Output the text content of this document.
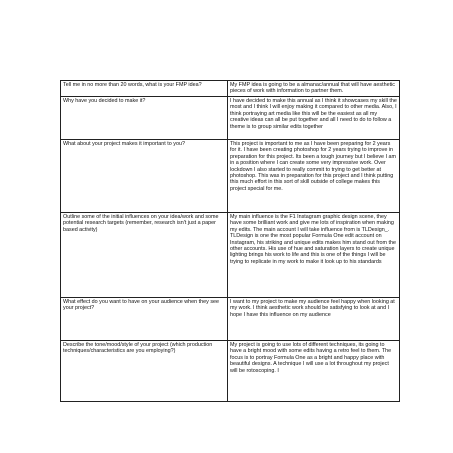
Tell me in no more than 20 words, what is your FMP idea?	My FMP idea is going to be a almanac/annual that will have aesthetic pieces of work with information to partner them.
Why have you decided to make it?	I have decided to make this annual as I think it showcases my skill the most and I think I will enjoy making it compared to other media. Also, I think portraying art media like this will be the easiest as all my creative ideas can all be put together and all I need to do to follow a theme is to group similar edits together
What about your project makes it important to you?	This project is important to me as I have been preparing for 2 years for it. I have been creating photoshop for 2 years trying to improve in preparation for this project. Its been a tough journey but I believe I am in a position where I can create some very impressive work. Over lockdown I also started to really commit to trying to get better at photoshop. This was in preparation for this project and I think putting this much effort in this sort of skill outside of college makes this project special for me.
Outline some of the initial influences on your idea/work and some potential research targets (remember, research isn't just a paper based activity)	My main influence is the F1 Instagram graphic design scene, they have some brilliant work and give me lots of inspiration when making my edits. The main account I will take influence from is TLDesign_. TLDesign is one the most popular Formula One edit account on Instagram, his striking and unique edits makes him stand out from the other accounts. His use of hue and saturation layers to create unique lighting brings his work to life and this is one of the things I will be trying to replicate in my work to make it look up to his standards
What effect do you want to have on your audience when they see your project?	I want to my project to make my audience feel happy when looking at my work. I think aesthetic work should be satisfying to look at and I hope I have this influence on my audience
Describe the tone/mood/style of your project (which production techniques/characteristics are you employing?)	My project is going to use lots of different techniques, its going to have a bright mood with some edits having a retro feel to them. The focus is to portray Formula One as a bright and happy place with beautiful designs. A technique I will use a lot throughout my project will be rotoscoping. I
